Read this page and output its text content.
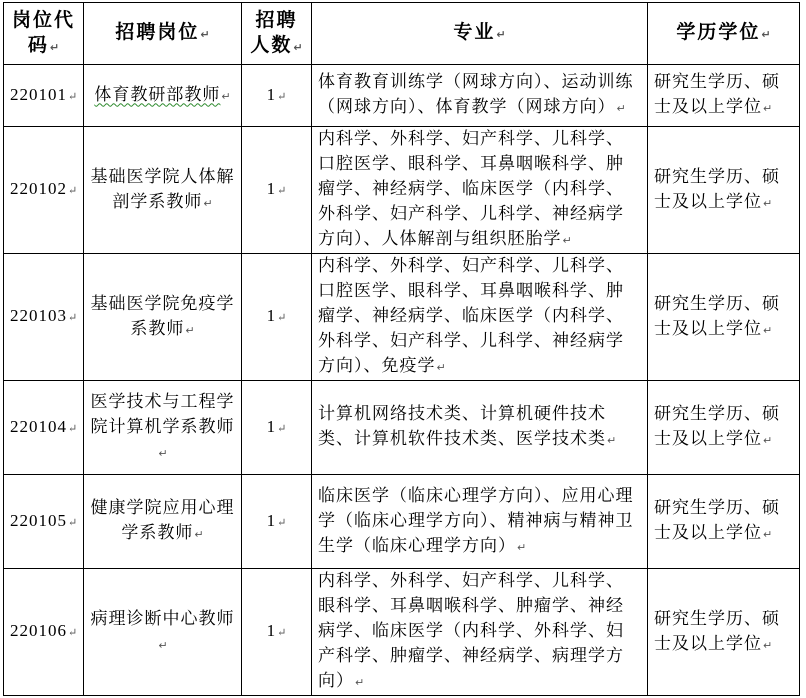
岗位代码↵	招聘岗位↵	招聘人数↵	专业↵	学历学位↵
220101↵	体育教研部教师↵	1↵	体育教育训练学（网球方向）、运动训练（网球方向）、体育教学（网球方向）↵	研究生学历、硕士及以上学位↵
220102↵	基础医学院人体解剖学系教师↵	1↵	内科学、外科学、妇产科学、儿科学、口腔医学、眼科学、耳鼻咽喉科学、肿瘤学、神经病学、临床医学（内科学、外科学、妇产科学、儿科学、神经病学方向）、人体解剖与组织胚胎学↵	研究生学历、硕士及以上学位↵
220103↵	基础医学院免疫学系教师↵	1↵	内科学、外科学、妇产科学、儿科学、口腔医学、眼科学、耳鼻咽喉科学、肿瘤学、神经病学、临床医学（内科学、外科学、妇产科学、儿科学、神经病学方向）、免疫学↵	研究生学历、硕士及以上学位↵
220104↵	医学技术与工程学院计算机学系教师↵	1↵	计算机网络技术类、计算机硬件技术类、计算机软件技术类、医学技术类↵	研究生学历、硕士及以上学位↵
220105↵	健康学院应用心理学系教师↵	1↵	临床医学（临床心理学方向）、应用心理学（临床心理学方向）、精神病与精神卫生学（临床心理学方向）↵	研究生学历、硕士及以上学位↵
220106↵	病理诊断中心教师↵	1↵	内科学、外科学、妇产科学、儿科学、眼科学、耳鼻咽喉科学、肿瘤学、神经病学、临床医学（内科学、外科学、妇产科学、肿瘤学、神经病学、病理学方向）↵	研究生学历、硕士及以上学位↵
